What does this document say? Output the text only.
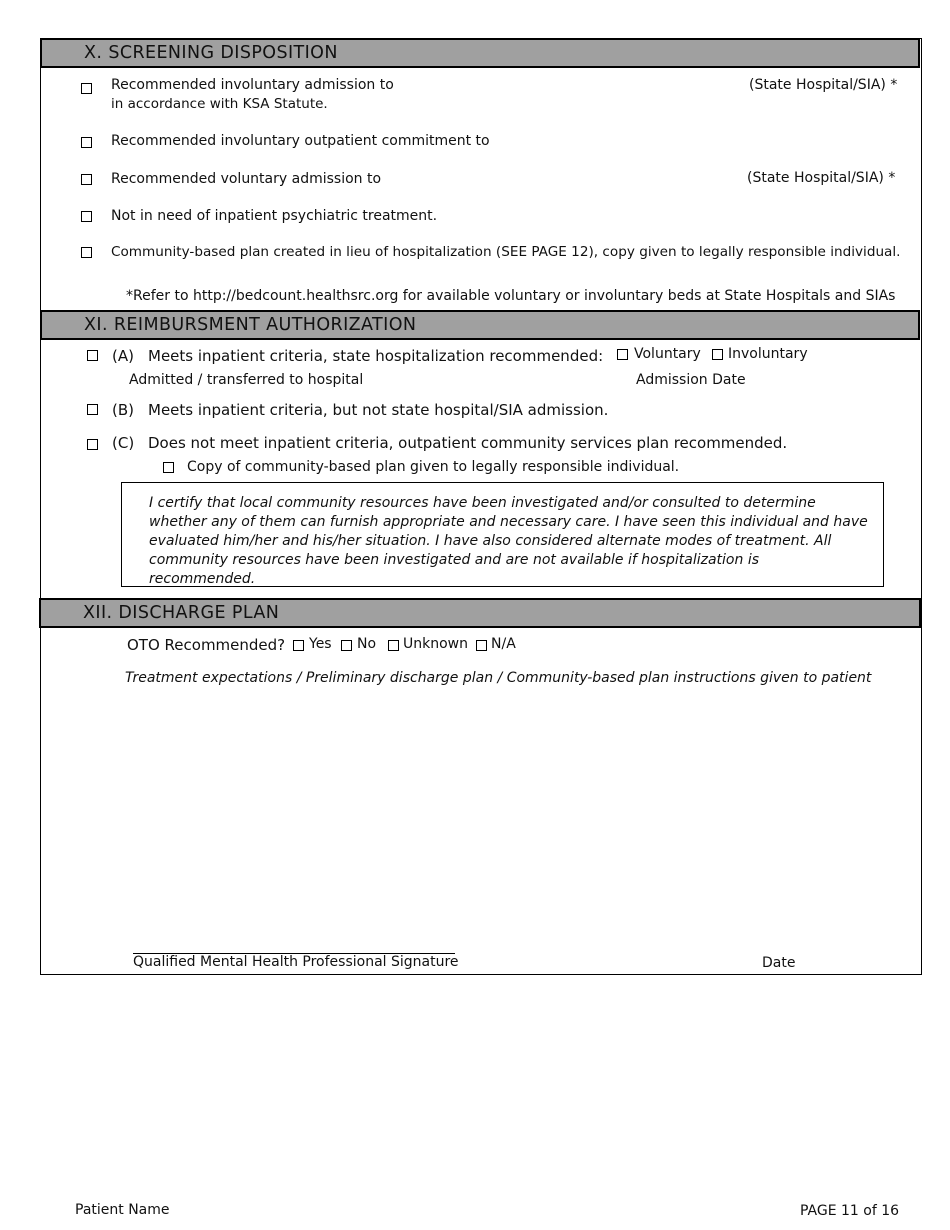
X. SCREENING DISPOSITION
Recommended involuntary admission to
in accordance with KSA Statute.
(State Hospital/SIA) *
Recommended involuntary outpatient commitment to
Recommended voluntary admission to	(State Hospital/SIA) *
Not in need of inpatient psychiatric treatment.
Community-based plan created in lieu of hospitalization (SEE PAGE 12), copy given to legally responsible individual.
*Refer to http://bedcount.healthsrc.org for available voluntary or involuntary beds at State Hospitals and SIAs
XI. REIMBURSMENT AUTHORIZATION
(A) Meets inpatient criteria, state hospitalization recommended: Voluntary Involuntary
Admitted / transferred to hospital	Admission Date
(B) Meets inpatient criteria, but not state hospital/SIA admission.
(C) Does not meet inpatient criteria, outpatient community services plan recommended.
Copy of community-based plan given to legally responsible individual.

I certify that local community resources have been investigated and/or consulted to determine whether any of them can furnish appropriate and necessary care. I have seen this individual and have evaluated him/her and his/her situation. I have also considered alternate modes of treatment. All community resources have been investigated and are not available if hospitalization is recommended.

XII. DISCHARGE PLAN
OTO Recommended? Yes No Unknown N/A
Treatment expectations / Preliminary discharge plan / Community-based plan instructions given to patient
Qualified Mental Health Professional Signature	Date
Patient Name	PAGE 11 of 16
